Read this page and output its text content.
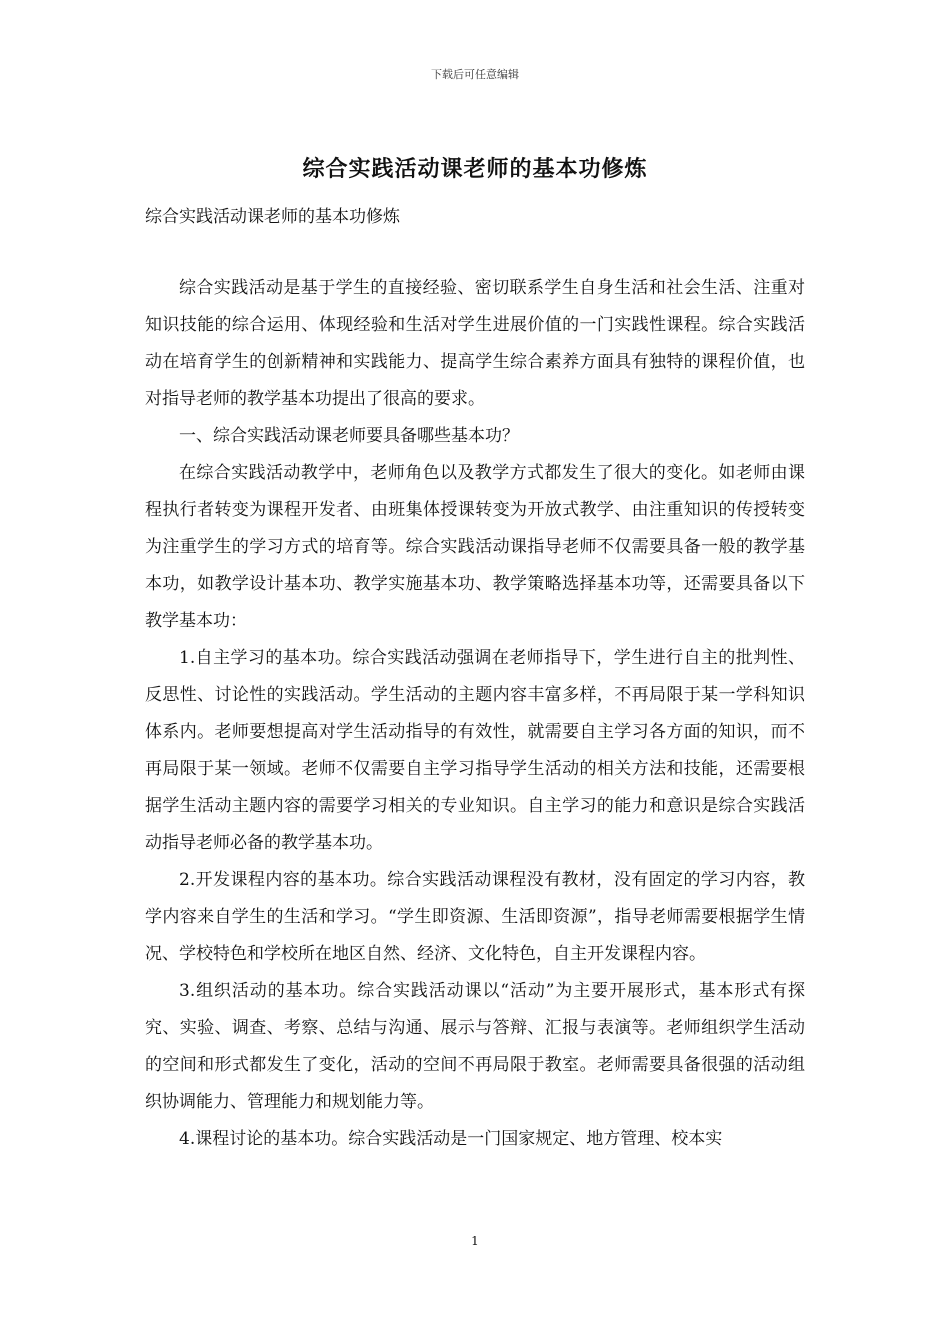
下载后可任意编辑
综合实践活动课老师的基本功修炼
综合实践活动课老师的基本功修炼

综合实践活动是基于学生的直接经验、密切联系学生自身生活和社会生活、注重对知识技能的综合运用、体现经验和生活对学生进展价值的一门实践性课程。综合实践活动在培育学生的创新精神和实践能力、提高学生综合素养方面具有独特的课程价值，也对指导老师的教学基本功提出了很高的要求。

一、综合实践活动课老师要具备哪些基本功？

在综合实践活动教学中，老师角色以及教学方式都发生了很大的变化。如老师由课程执行者转变为课程开发者、由班集体授课转变为开放式教学、由注重知识的传授转变为注重学生的学习方式的培育等。综合实践活动课指导老师不仅需要具备一般的教学基本功，如教学设计基本功、教学实施基本功、教学策略选择基本功等，还需要具备以下教学基本功：

1.自主学习的基本功。综合实践活动强调在老师指导下，学生进行自主的批判性、反思性、讨论性的实践活动。学生活动的主题内容丰富多样，不再局限于某一学科知识体系内。老师要想提高对学生活动指导的有效性，就需要自主学习各方面的知识，而不再局限于某一领域。老师不仅需要自主学习指导学生活动的相关方法和技能，还需要根据学生活动主题内容的需要学习相关的专业知识。自主学习的能力和意识是综合实践活动指导老师必备的教学基本功。

2.开发课程内容的基本功。综合实践活动课程没有教材，没有固定的学习内容，教学内容来自学生的生活和学习。“学生即资源、生活即资源”，指导老师需要根据学生情况、学校特色和学校所在地区自然、经济、文化特色，自主开发课程内容。

3.组织活动的基本功。综合实践活动课以“活动”为主要开展形式，基本形式有探究、实验、调查、考察、总结与沟通、展示与答辩、汇报与表演等。老师组织学生活动的空间和形式都发生了变化，活动的空间不再局限于教室。老师需要具备很强的活动组织协调能力、管理能力和规划能力等。

4.课程讨论的基本功。综合实践活动是一门国家规定、地方管理、校本实

1
